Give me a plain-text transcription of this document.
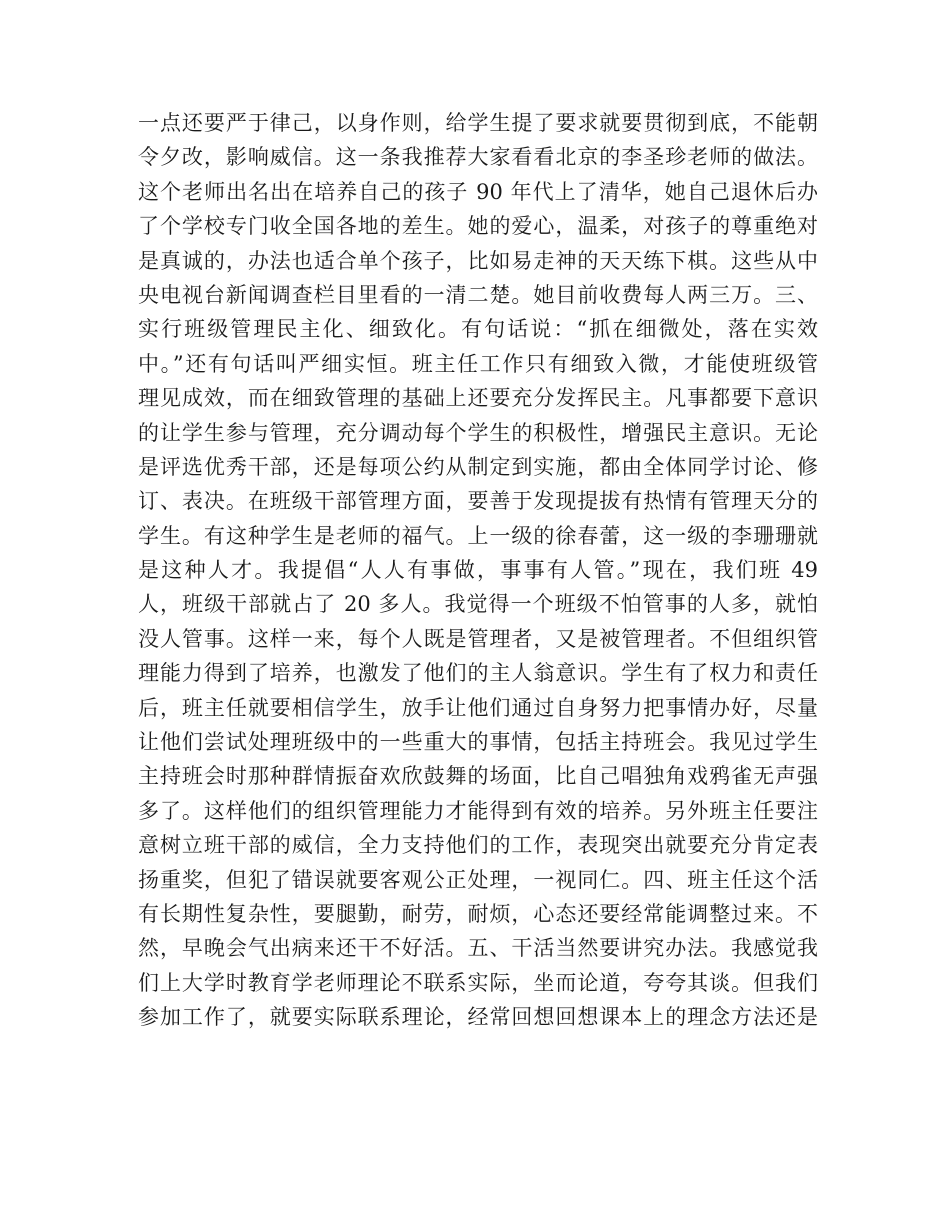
一点还要严于律己，以身作则，给学生提了要求就要贯彻到底，不能朝
令夕改，影响威信。这一条我推荐大家看看北京的李圣珍老师的做法。
这个老师出名出在培养自己的孩子 90 年代上了清华，她自己退休后办
了个学校专门收全国各地的差生。她的爱心，温柔，对孩子的尊重绝对
是真诚的，办法也适合单个孩子，比如易走神的天天练下棋。这些从中
央电视台新闻调查栏目里看的一清二楚。她目前收费每人两三万。三、
实行班级管理民主化、细致化。有句话说：“抓在细微处，落在实效
中。”还有句话叫严细实恒。班主任工作只有细致入微，才能使班级管
理见成效，而在细致管理的基础上还要充分发挥民主。凡事都要下意识
的让学生参与管理，充分调动每个学生的积极性，增强民主意识。无论
是评选优秀干部，还是每项公约从制定到实施，都由全体同学讨论、修
订、表决。在班级干部管理方面，要善于发现提拔有热情有管理天分的
学生。有这种学生是老师的福气。上一级的徐春蕾，这一级的李珊珊就
是这种人才。我提倡“人人有事做，事事有人管。”现在，我们班 49
人，班级干部就占了 20 多人。我觉得一个班级不怕管事的人多，就怕
没人管事。这样一来，每个人既是管理者，又是被管理者。不但组织管
理能力得到了培养，也激发了他们的主人翁意识。学生有了权力和责任
后，班主任就要相信学生，放手让他们通过自身努力把事情办好，尽量
让他们尝试处理班级中的一些重大的事情，包括主持班会。我见过学生
主持班会时那种群情振奋欢欣鼓舞的场面，比自己唱独角戏鸦雀无声强
多了。这样他们的组织管理能力才能得到有效的培养。另外班主任要注
意树立班干部的威信，全力支持他们的工作，表现突出就要充分肯定表
扬重奖，但犯了错误就要客观公正处理，一视同仁。四、班主任这个活
有长期性复杂性，要腿勤，耐劳，耐烦，心态还要经常能调整过来。不
然，早晚会气出病来还干不好活。五、干活当然要讲究办法。我感觉我
们上大学时教育学老师理论不联系实际，坐而论道，夸夸其谈。但我们
参加工作了，就要实际联系理论，经常回想回想课本上的理念方法还是
